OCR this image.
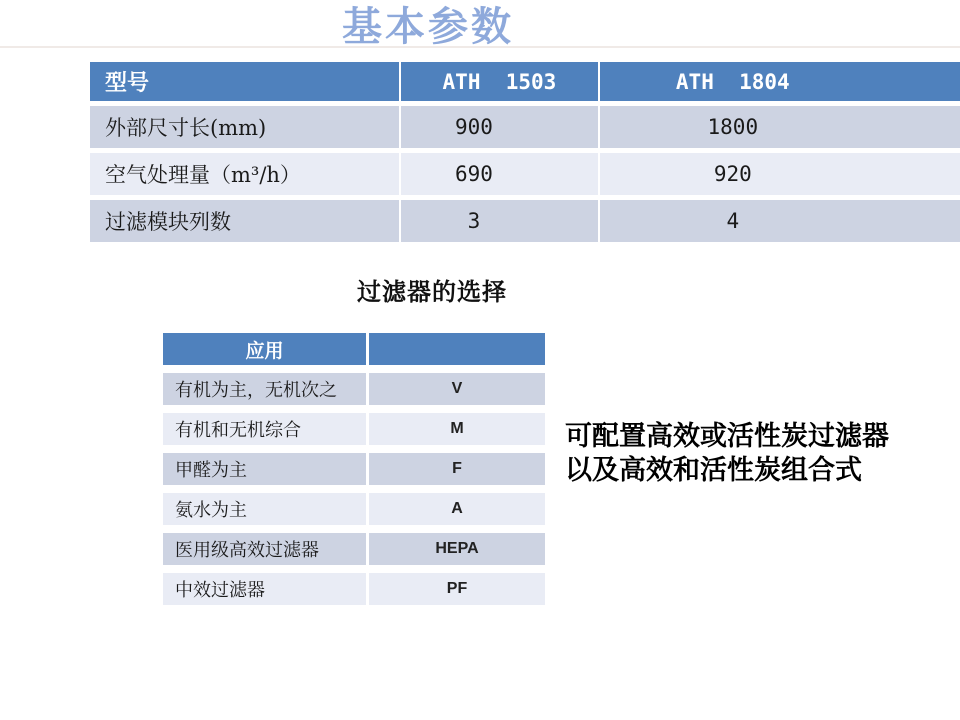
基本参数
型号	ATH  1503	ATH  1804
外部尺寸长(mm)	900	1800
空气处理量（m³/h）	690	920
过滤模块列数	3	4
过滤器的选择
应用	
有机为主，无机次之	V
有机和无机综合	M
甲醛为主	F
氨水为主	A
医用级高效过滤器	HEPA
中效过滤器	PF
可配置高效或活性炭过滤器
以及高效和活性炭组合式
